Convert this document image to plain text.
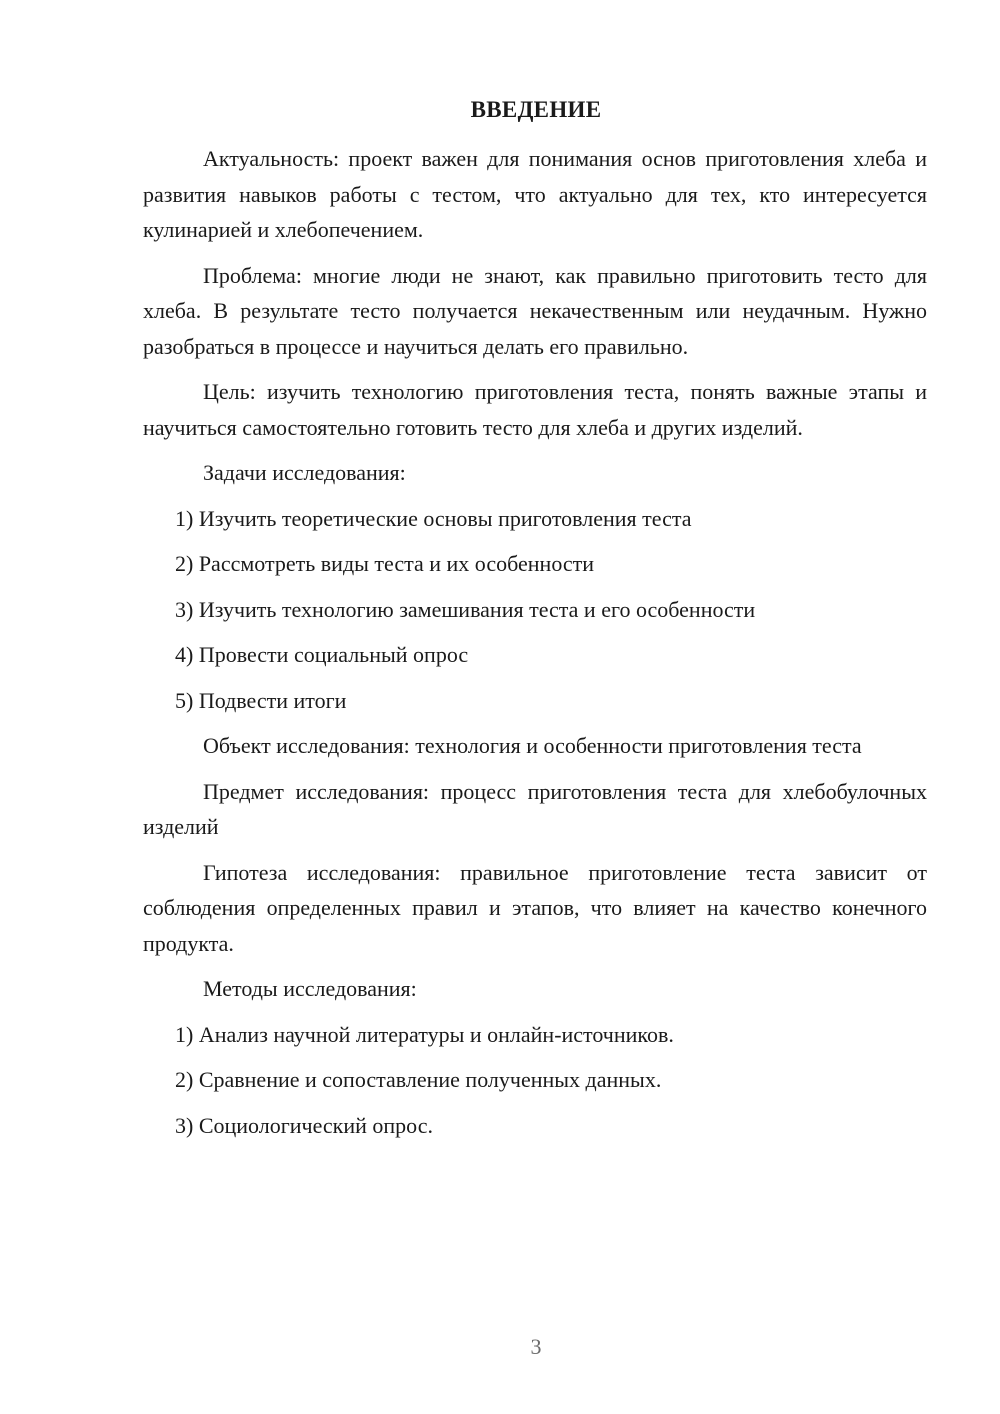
ВВЕДЕНИЕ

Актуальность: проект важен для понимания основ приготовления хлеба и развития навыков работы с тестом, что актуально для тех, кто интересуется кулинарией и хлебопечением.

Проблема: многие люди не знают, как правильно приготовить тесто для хлеба. В результате тесто получается некачественным или неудачным. Нужно разобраться в процессе и научиться делать его правильно.

Цель: изучить технологию приготовления теста, понять важные этапы и научиться самостоятельно готовить тесто для хлеба и других изделий.

Задачи исследования:

1) Изучить теоретические основы приготовления теста
2) Рассмотреть виды теста и их особенности
3) Изучить технологию замешивания теста и его особенности
4) Провести социальный опрос
5) Подвести итоги

Объект исследования: технология и особенности приготовления теста

Предмет исследования: процесс приготовления теста для хлебобулочных изделий

Гипотеза исследования: правильное приготовление теста зависит от соблюдения определенных правил и этапов, что влияет на качество конечного продукта.

Методы исследования:

1) Анализ научной литературы и онлайн-источников.
2) Сравнение и сопоставление полученных данных.
3) Социологический опрос.
3
